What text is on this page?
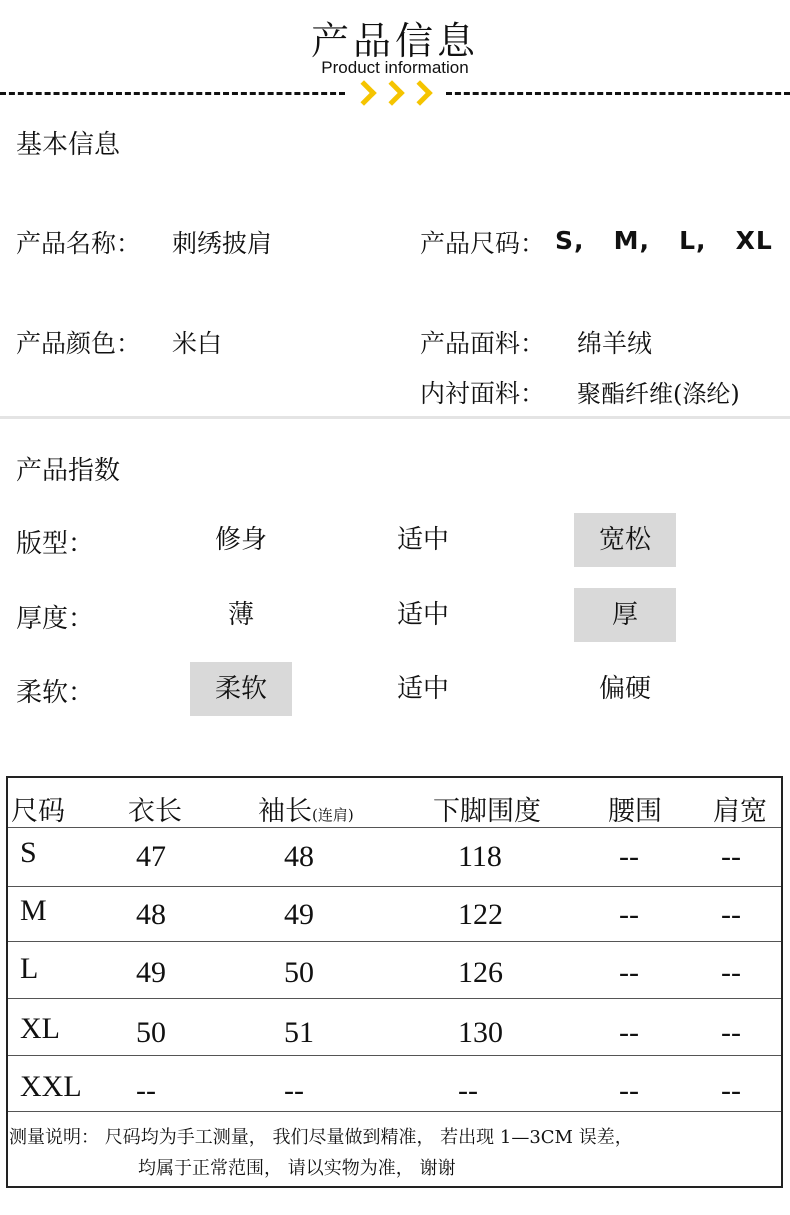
产品信息
Product information
基本信息
产品名称： 刺绣披肩	产品尺码： S,   M,   L,   XL
产品颜色： 米白	产品面料： 绵羊绒
内衬面料： 聚酯纤维(涤纶)
产品指数
版型：	修身	适中	宽松
厚度：	薄	适中	厚
柔软：	柔软	适中	偏硬
尺码 衣长	袖长(连肩)	下脚围度 腰围 肩宽
S	47	48	118	--	--
M	48	49	122	--	--
L	49	50	126	--	--
XL	50	51	130	--	--
XXL --	--	--	--	--
测量说明： 尺码均为手工测量， 我们尽量做到精准， 若出现 1—3CM 误差，
均属于正常范围， 请以实物为准， 谢谢
